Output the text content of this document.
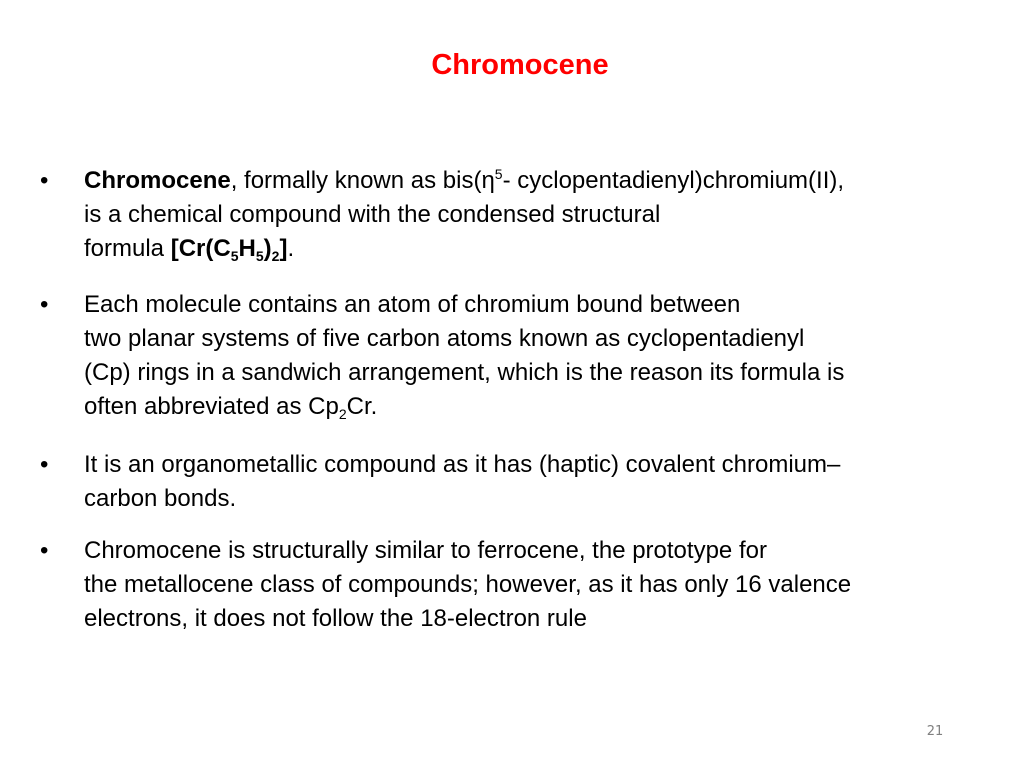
Chromocene
• Chromocene, formally known as $bis(\eta^5-$ cyclopentadienyl)chromium(II),
is a chemical compound with the condensed structural
formula $[Cr(C_5H_5)_2]$.
• Each molecule contains an atom of chromium bound between
two planar systems of five carbon atoms known as cyclopentadienyl
(Cp) rings in a sandwich arrangement, which is the reason its formula is
often abbreviated as $Cp_2Cr$.
• It is an organometallic compound as it has (haptic) covalent chromium–
carbon bonds.
• Chromocene is structurally similar to ferrocene, the prototype for
the metallocene class of compounds; however, as it has only 16 valence
electrons, it does not follow the 18-electron rule
21
